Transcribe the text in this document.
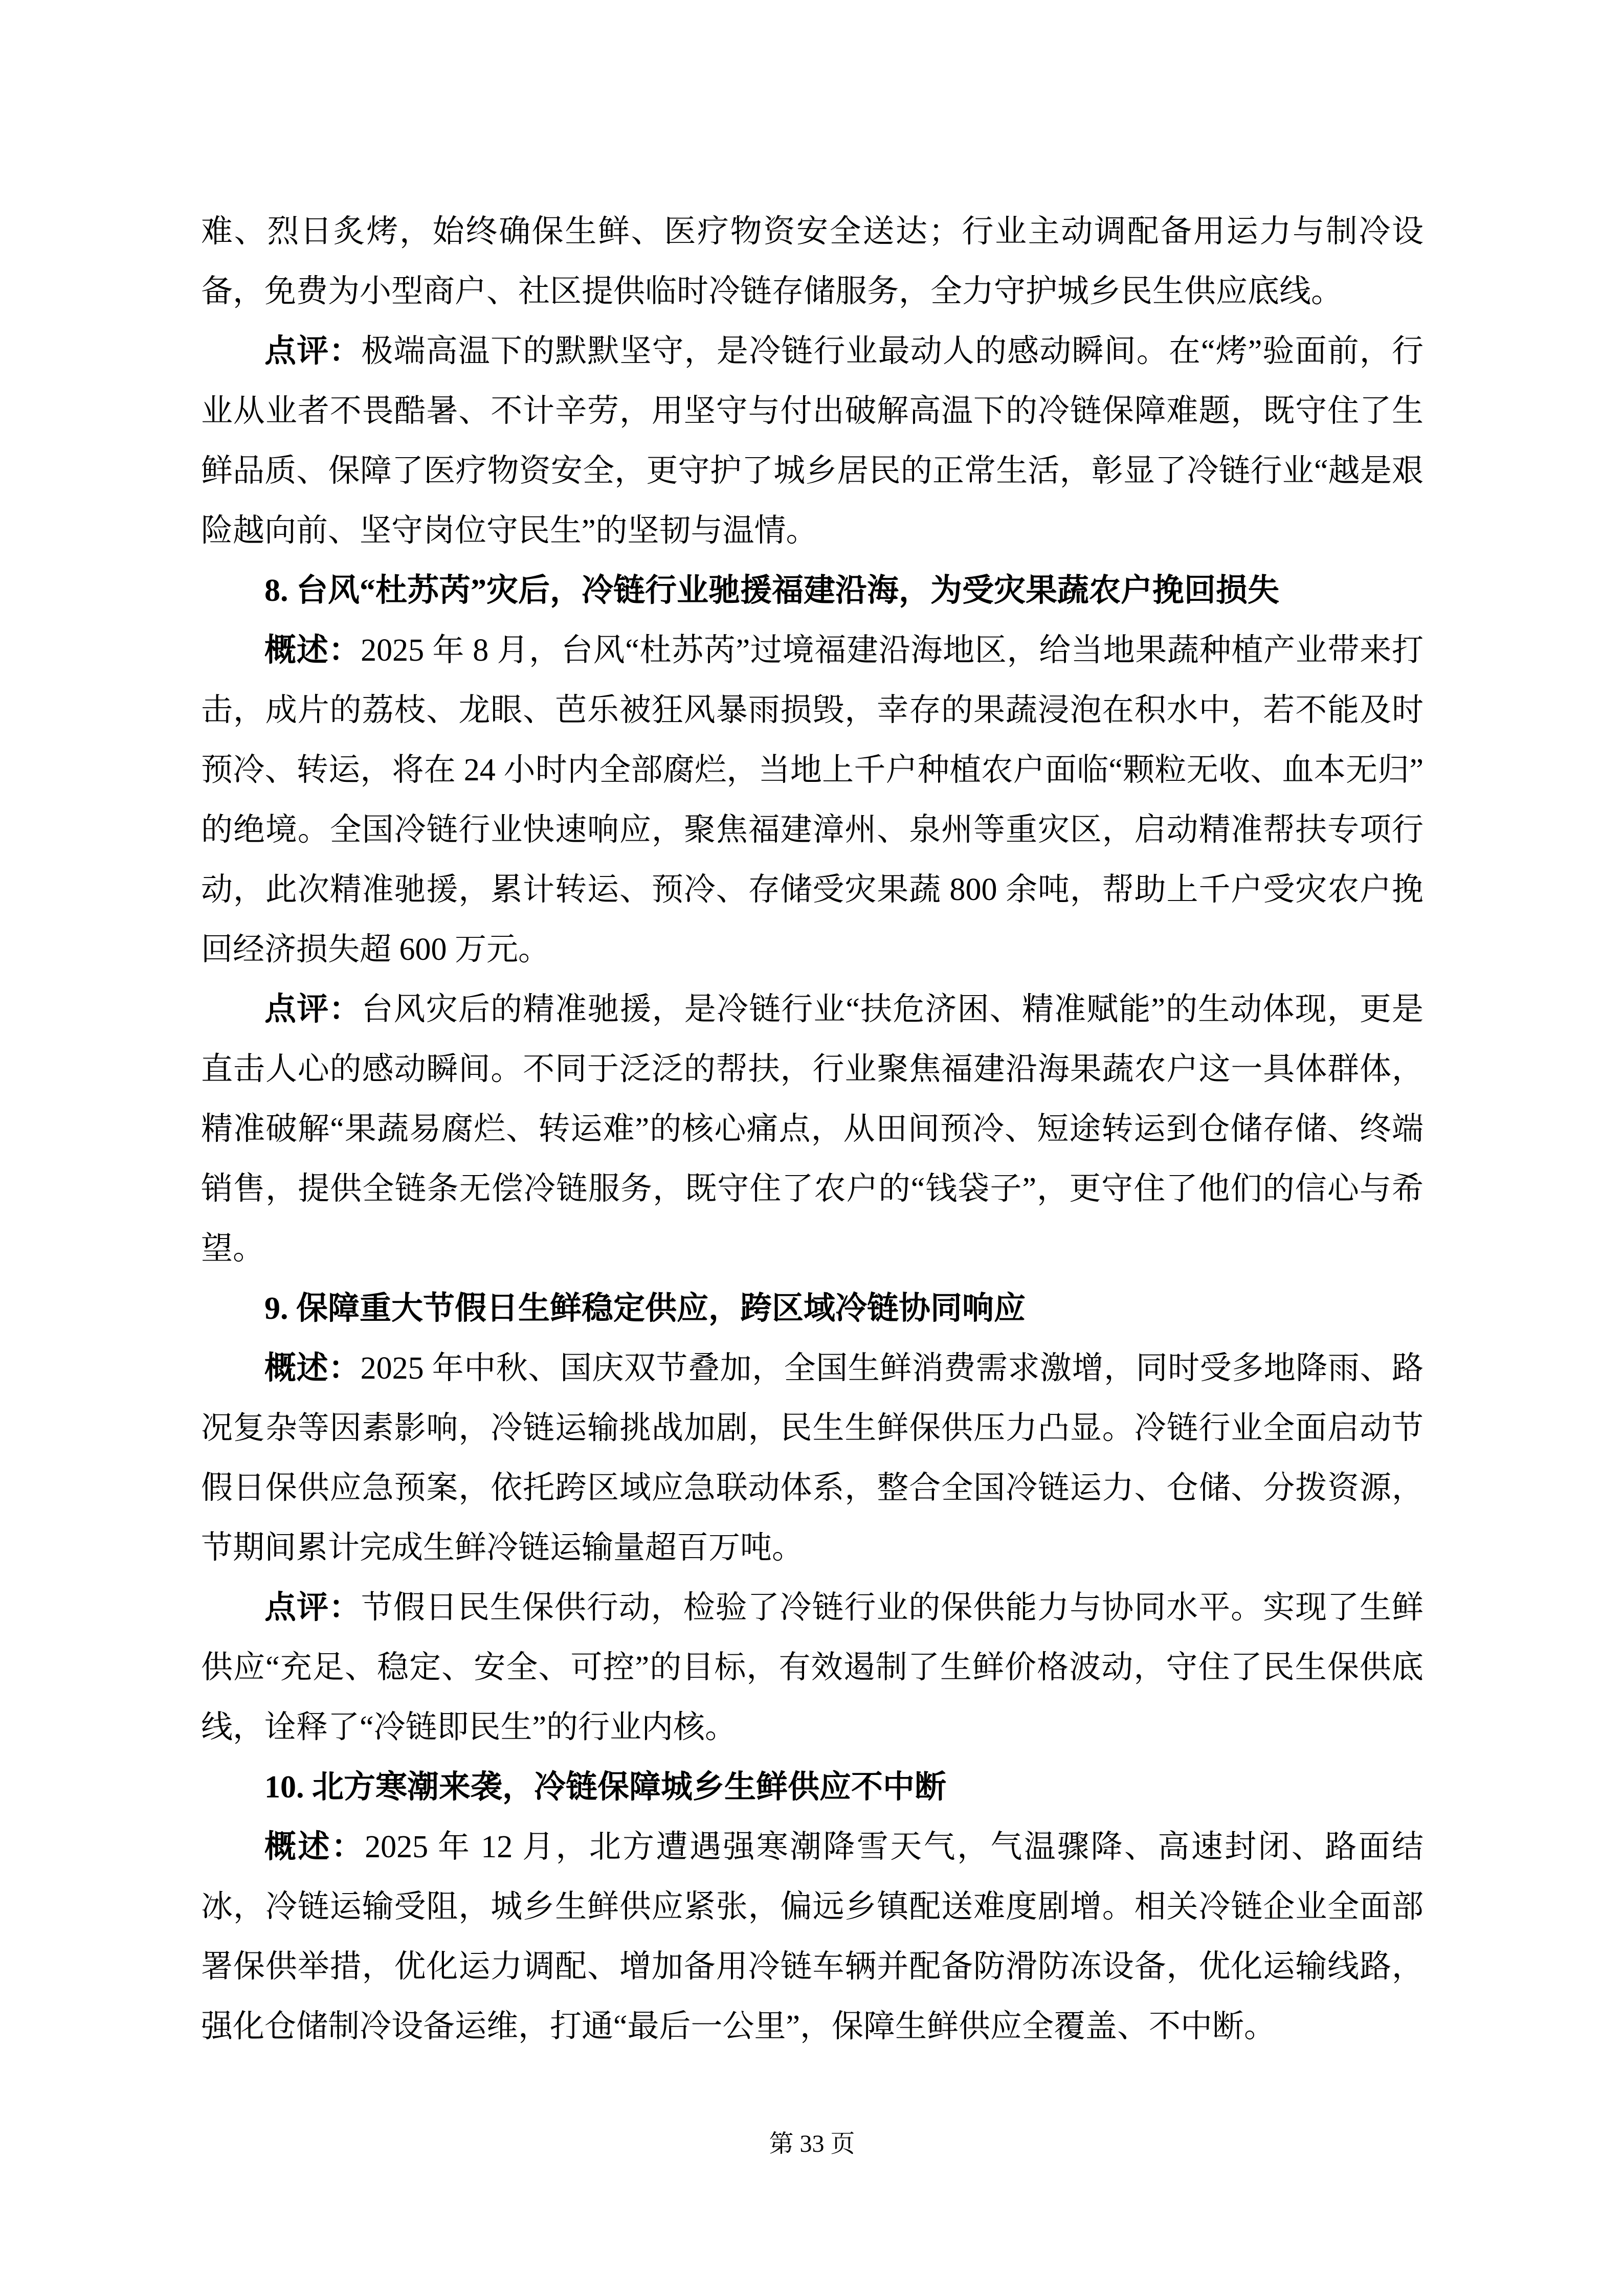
难、烈日炙烤，始终确保生鲜、医疗物资安全送达；行业主动调配备用运力与制冷设备，免费为小型商户、社区提供临时冷链存储服务，全力守护城乡民生供应底线。

点评：极端高温下的默默坚守，是冷链行业最动人的感动瞬间。在“烤”验面前，行业从业者不畏酷暑、不计辛劳，用坚守与付出破解高温下的冷链保障难题，既守住了生鲜品质、保障了医疗物资安全，更守护了城乡居民的正常生活，彰显了冷链行业“越是艰险越向前、坚守岗位守民生”的坚韧与温情。

8. 台风“杜苏芮”灾后，冷链行业驰援福建沿海，为受灾果蔬农户挽回损失

概述：2025 年 8 月，台风“杜苏芮”过境福建沿海地区，给当地果蔬种植产业带来打击，成片的荔枝、龙眼、芭乐被狂风暴雨损毁，幸存的果蔬浸泡在积水中，若不能及时预冷、转运，将在 24 小时内全部腐烂，当地上千户种植农户面临“颗粒无收、血本无归”的绝境。全国冷链行业快速响应，聚焦福建漳州、泉州等重灾区，启动精准帮扶专项行动，此次精准驰援，累计转运、预冷、存储受灾果蔬 800 余吨，帮助上千户受灾农户挽回经济损失超 600 万元。

点评：台风灾后的精准驰援，是冷链行业“扶危济困、精准赋能”的生动体现，更是直击人心的感动瞬间。不同于泛泛的帮扶，行业聚焦福建沿海果蔬农户这一具体群体，精准破解“果蔬易腐烂、转运难”的核心痛点，从田间预冷、短途转运到仓储存储、终端销售，提供全链条无偿冷链服务，既守住了农户的“钱袋子”，更守住了他们的信心与希望。

9. 保障重大节假日生鲜稳定供应，跨区域冷链协同响应

概述：2025 年中秋、国庆双节叠加，全国生鲜消费需求激增，同时受多地降雨、路况复杂等因素影响，冷链运输挑战加剧，民生生鲜保供压力凸显。冷链行业全面启动节假日保供应急预案，依托跨区域应急联动体系，整合全国冷链运力、仓储、分拨资源，节期间累计完成生鲜冷链运输量超百万吨。

点评：节假日民生保供行动，检验了冷链行业的保供能力与协同水平。实现了生鲜供应“充足、稳定、安全、可控”的目标，有效遏制了生鲜价格波动，守住了民生保供底线，诠释了“冷链即民生”的行业内核。

10. 北方寒潮来袭，冷链保障城乡生鲜供应不中断

概述：2025 年 12 月，北方遭遇强寒潮降雪天气，气温骤降、高速封闭、路面结冰，冷链运输受阻，城乡生鲜供应紧张，偏远乡镇配送难度剧增。相关冷链企业全面部署保供举措，优化运力调配、增加备用冷链车辆并配备防滑防冻设备，优化运输线路，强化仓储制冷设备运维，打通“最后一公里”，保障生鲜供应全覆盖、不中断。

第 33 页
